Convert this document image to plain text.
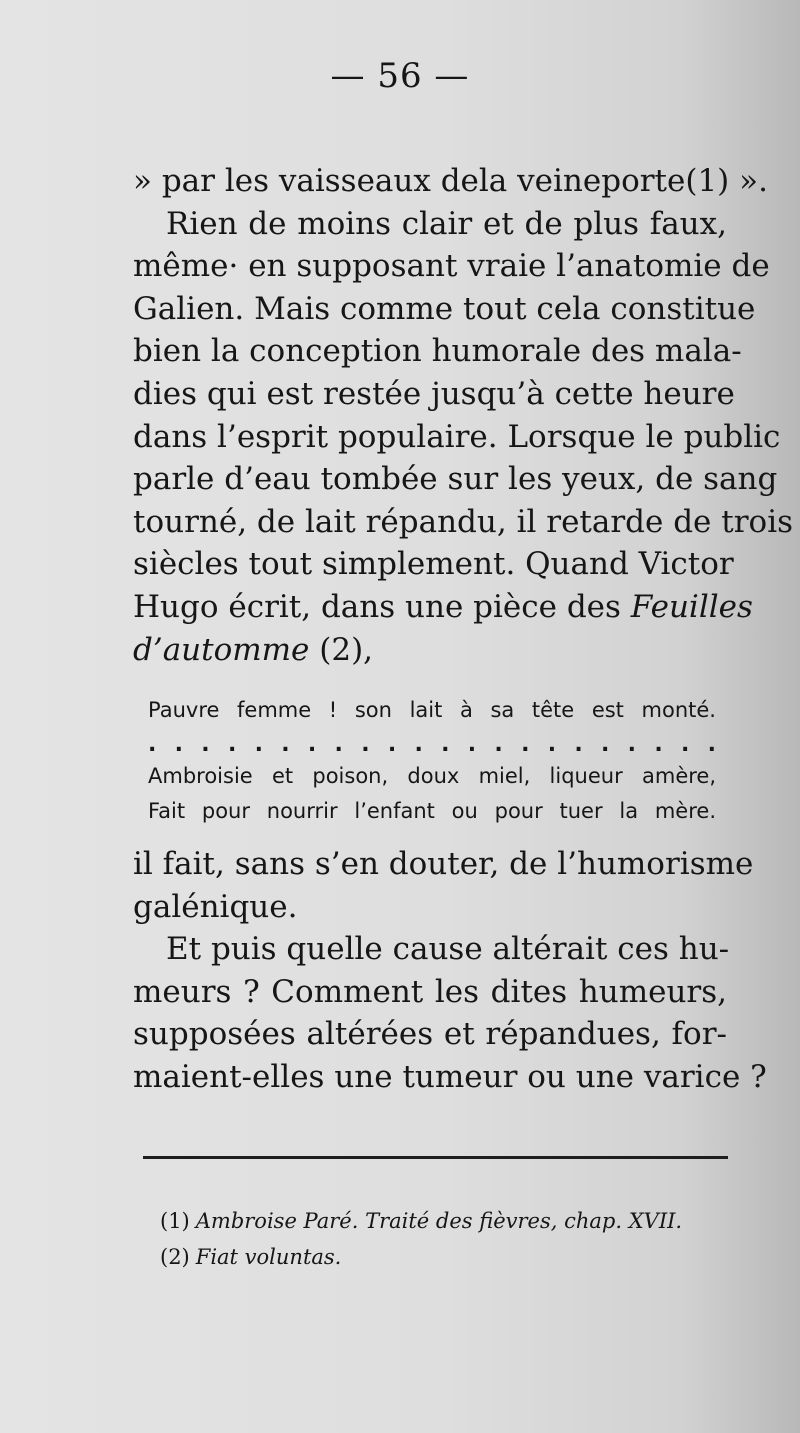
— 56 —
» par les vaisseaux dela veineporte(1) ».
Rien de moins clair et de plus faux,
même· en supposant vraie l’anatomie de
Galien. Mais comme tout cela constitue
bien la conception humorale des mala-
dies qui est restée jusqu’à cette heure
dans l’esprit populaire. Lorsque le public
parle d’eau tombée sur les yeux, de sang
tourné, de lait répandu, il retarde de trois
siècles tout simplement. Quand Victor
Hugo écrit, dans une pièce des Feuilles
d’automme (2),
Pauvre femme ! son lait à sa tête est monté.
. . . . . . . . . . . . . . . . . . . . . .
Ambroisie et poison, doux miel, liqueur amère,
Fait pour nourrir l’enfant ou pour tuer la mère.
il fait, sans s’en douter, de l’humorisme
galénique.
Et puis quelle cause altérait ces hu-
meurs ? Comment les dites humeurs,
supposées altérées et répandues, for-
maient-elles une tumeur ou une varice ?
(1) Ambroise Paré. Traité des fièvres, chap. XVII.
(2) Fiat voluntas.
